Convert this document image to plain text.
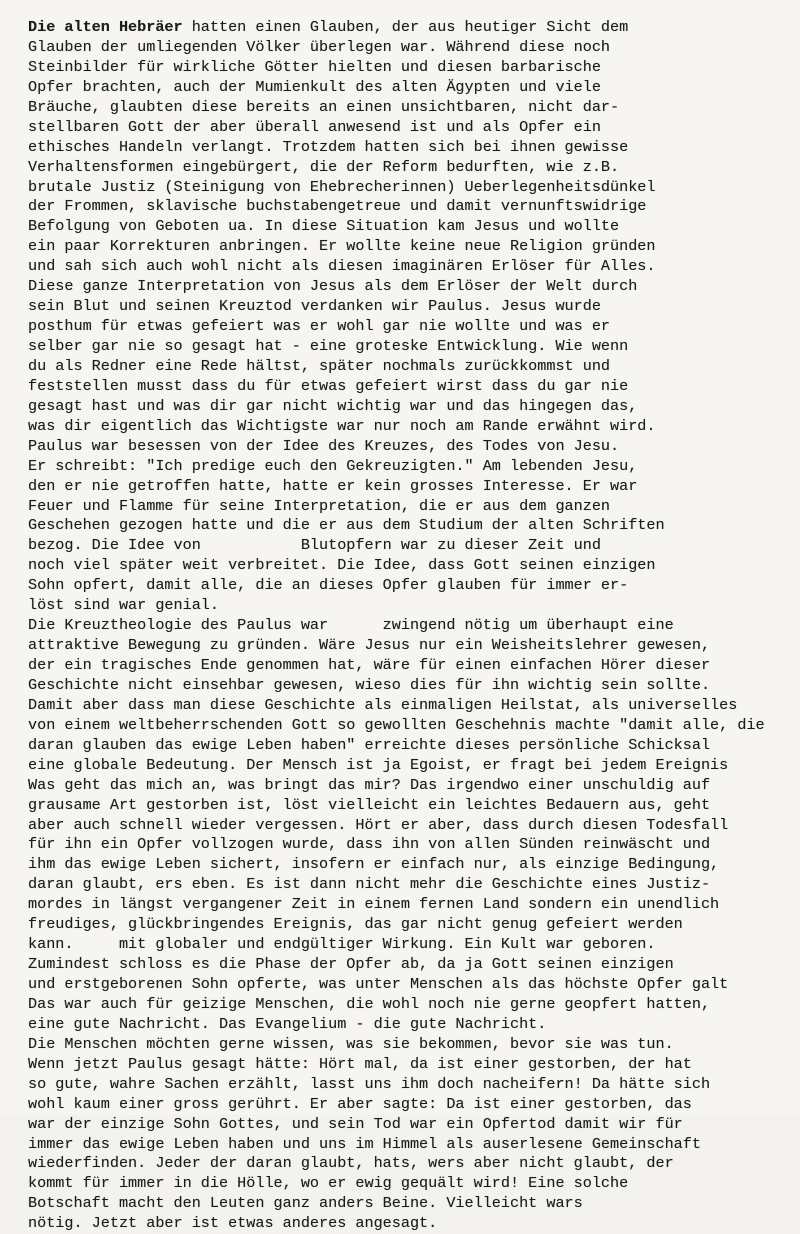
Die alten Hebräer hatten einen Glauben, der aus heutiger Sicht dem
Glauben der umliegenden Völker überlegen war. Während diese noch
Steinbilder für wirkliche Götter hielten und diesen barbarische
Opfer brachten, auch der Mumienkult des alten Ägypten und viele
Bräuche, glaubten diese bereits an einen unsichtbaren, nicht dar-
stellbaren Gott der aber überall anwesend ist und als Opfer ein
ethisches Handeln verlangt. Trotzdem hatten sich bei ihnen gewisse
Verhaltensformen eingebürgert, die der Reform bedurften, wie z.B.
brutale Justiz (Steinigung von Ehebrecherinnen) Ueberlegenheitsdünkel
der Frommen, sklavische buchstabengetreue und damit vernunftswidrige
Befolgung von Geboten ua. In diese Situation kam Jesus und wollte
ein paar Korrekturen anbringen. Er wollte keine neue Religion gründen
und sah sich auch wohl nicht als diesen imaginären Erlöser für Alles.
Diese ganze Interpretation von Jesus als dem Erlöser der Welt durch
sein Blut und seinen Kreuztod verdanken wir Paulus. Jesus wurde
posthum für etwas gefeiert was er wohl gar nie wollte und was er
selber gar nie so gesagt hat - eine groteske Entwicklung. Wie wenn
du als Redner eine Rede hältst, später nochmals zurückkommst und
feststellen musst dass du für etwas gefeiert wirst dass du gar nie
gesagt hast und was dir gar nicht wichtig war und das hingegen das,
was dir eigentlich das Wichtigste war nur noch am Rande erwähnt wird.
Paulus war besessen von der Idee des Kreuzes, des Todes von Jesu.
Er schreibt: "Ich predige euch den Gekreuzigten." Am lebenden Jesu,
den er nie getroffen hatte, hatte er kein grosses Interesse. Er war
Feuer und Flamme für seine Interpretation, die er aus dem ganzen
Geschehen gezogen hatte und die er aus dem Studium der alten Schriften
bezog. Die Idee von           Blutopfern war zu dieser Zeit und
noch viel später weit verbreitet. Die Idee, dass Gott seinen einzigen
Sohn opfert, damit alle, die an dieses Opfer glauben für immer er-
löst sind war genial.
Die Kreuztheologie des Paulus war      zwingend nötig um überhaupt eine
attraktive Bewegung zu gründen. Wäre Jesus nur ein Weisheitslehrer gewesen,
der ein tragisches Ende genommen hat, wäre für einen einfachen Hörer dieser
Geschichte nicht einsehbar gewesen, wieso dies für ihn wichtig sein sollte.
Damit aber dass man diese Geschichte als einmaligen Heilstat, als universelles
von einem weltbeherrschenden Gott so gewollten Geschehnis machte "damit alle, die
daran glauben das ewige Leben haben" erreichte dieses persönliche Schicksal
eine globale Bedeutung. Der Mensch ist ja Egoist, er fragt bei jedem Ereignis
Was geht das mich an, was bringt das mir? Das irgendwo einer unschuldig auf
grausame Art gestorben ist, löst vielleicht ein leichtes Bedauern aus, geht
aber auch schnell wieder vergessen. Hört er aber, dass durch diesen Todesfall
für ihn ein Opfer vollzogen wurde, dass ihn von allen Sünden reinwäscht und
ihm das ewige Leben sichert, insofern er einfach nur, als einzige Bedingung,
daran glaubt, ers eben. Es ist dann nicht mehr die Geschichte eines Justiz-
mordes in längst vergangener Zeit in einem fernen Land sondern ein unendlich
freudiges, glückbringendes Ereignis, das gar nicht genug gefeiert werden
kann.     mit globaler und endgültiger Wirkung. Ein Kult war geboren.
Zumindest schloss es die Phase der Opfer ab, da ja Gott seinen einzigen
und erstgeborenen Sohn opferte, was unter Menschen als das höchste Opfer galt
Das war auch für geizige Menschen, die wohl noch nie gerne geopfert hatten,
eine gute Nachricht. Das Evangelium - die gute Nachricht.
Die Menschen möchten gerne wissen, was sie bekommen, bevor sie was tun.
Wenn jetzt Paulus gesagt hätte: Hört mal, da ist einer gestorben, der hat
so gute, wahre Sachen erzählt, lasst uns ihm doch nacheifern! Da hätte sich
wohl kaum einer gross gerührt. Er aber sagte: Da ist einer gestorben, das
war der einzige Sohn Gottes, und sein Tod war ein Opfertod damit wir für
immer das ewige Leben haben und uns im Himmel als auserlesene Gemeinschaft
wiederfinden. Jeder der daran glaubt, hats, wers aber nicht glaubt, der
kommt für immer in die Hölle, wo er ewig gequält wird! Eine solche
Botschaft macht den Leuten ganz anders Beine. Vielleicht wars
nötig. Jetzt aber ist etwas anderes angesagt.
